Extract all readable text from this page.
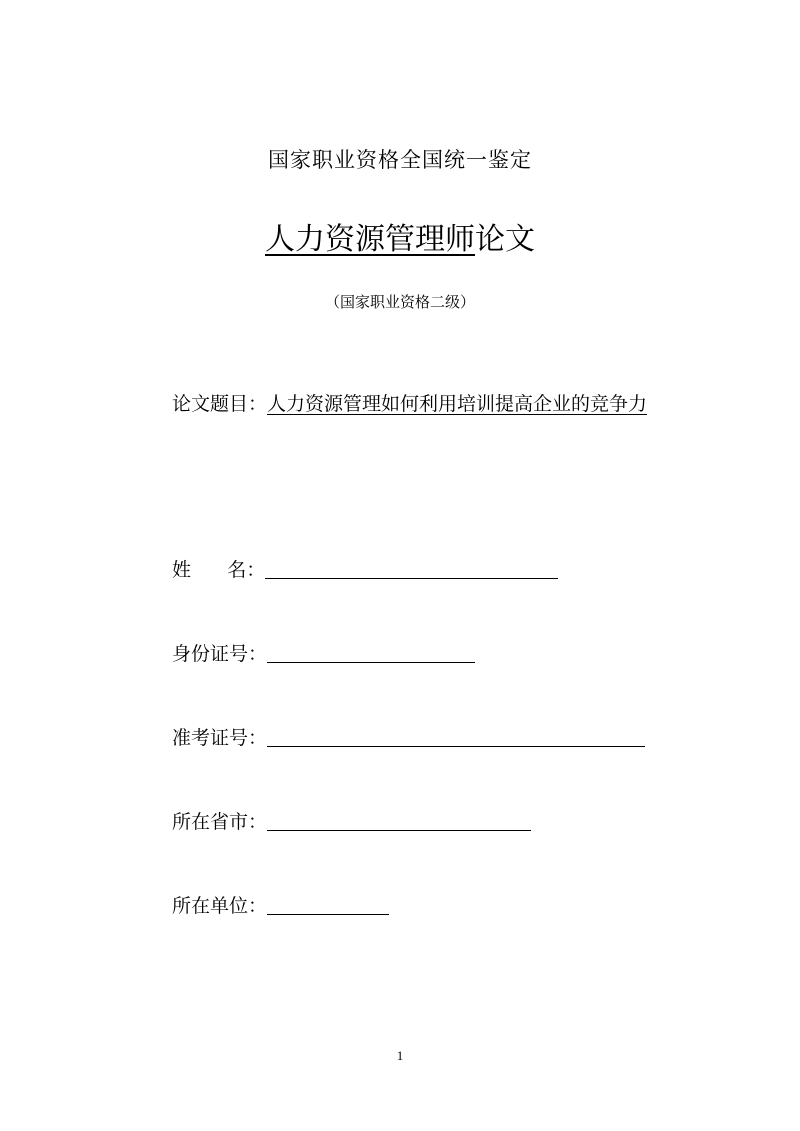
国家职业资格全国统一鉴定
人力资源管理师论文
（国家职业资格二级）
论文题目：人力资源管理如何利用培训提高企业的竞争力
姓      名：
身份证号：
准考证号：
所在省市：
所在单位：
1
